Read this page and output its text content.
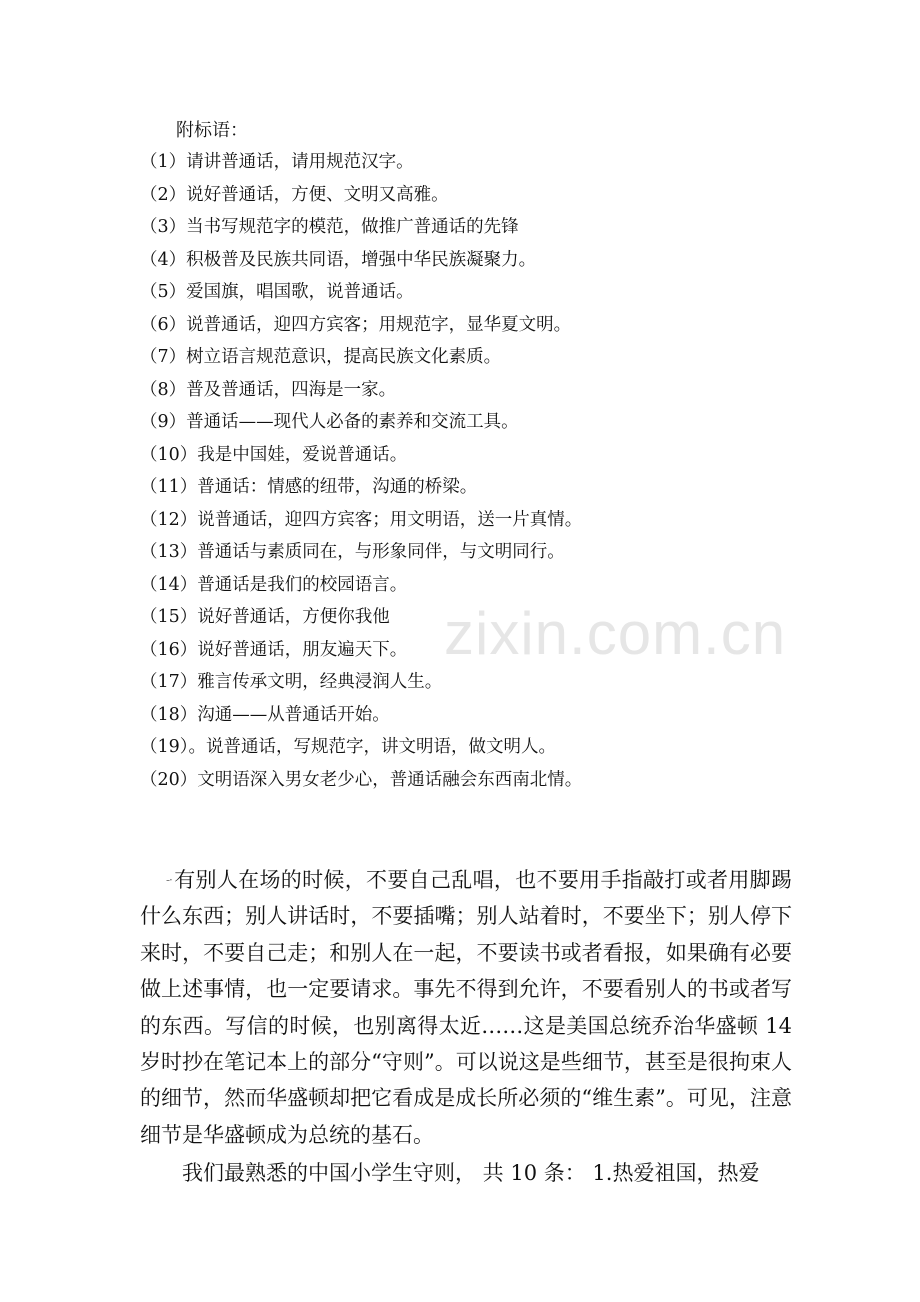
附标语：
（1）请讲普通话，请用规范汉字。
（2）说好普通话，方便、文明又高雅。
（3）当书写规范字的模范，做推广普通话的先锋
（4）积极普及民族共同语，增强中华民族凝聚力。
（5）爱国旗，唱国歌，说普通话。
（6）说普通话，迎四方宾客；用规范字，显华夏文明。
（7）树立语言规范意识，提高民族文化素质。
（8）普及普通话，四海是一家。
（9）普通话——现代人必备的素养和交流工具。
（10）我是中国娃，爱说普通话。
（11）普通话：情感的纽带，沟通的桥梁。
（12）说普通话，迎四方宾客；用文明语，送一片真情。
（13）普通话与素质同在，与形象同伴，与文明同行。
（14）普通话是我们的校园语言。
（15）说好普通话，方便你我他
（16）说好普通话，朋友遍天下。
（17）雅言传承文明，经典浸润人生。
（18）沟通——从普通话开始。
（19）。说普通话，写规范字，讲文明语，做文明人。
（20）文明语深入男女老少心，普通话融会东西南北情。

-·有别人在场的时候，不要自己乱唱，也不要用手指敲打或者用脚踢什么东西；别人讲话时，不要插嘴；别人站着时，不要坐下；别人停下来时，不要自己走；和别人在一起，不要读书或者看报，如果确有必要做上述事情，也一定要请求。事先不得到允许，不要看别人的书或者写的东西。写信的时候，也别离得太近……这是美国总统乔治华盛顿 14 岁时抄在笔记本上的部分“守则”。可以说这是些细节，甚至是很拘束人的细节，然而华盛顿却把它看成是成长所必须的“维生素”。可见，注意细节是华盛顿成为总统的基石。

我们最熟悉的中国小学生守则， 共 10 条： 1.热爱祖国，热爱

zixin.com.cn
